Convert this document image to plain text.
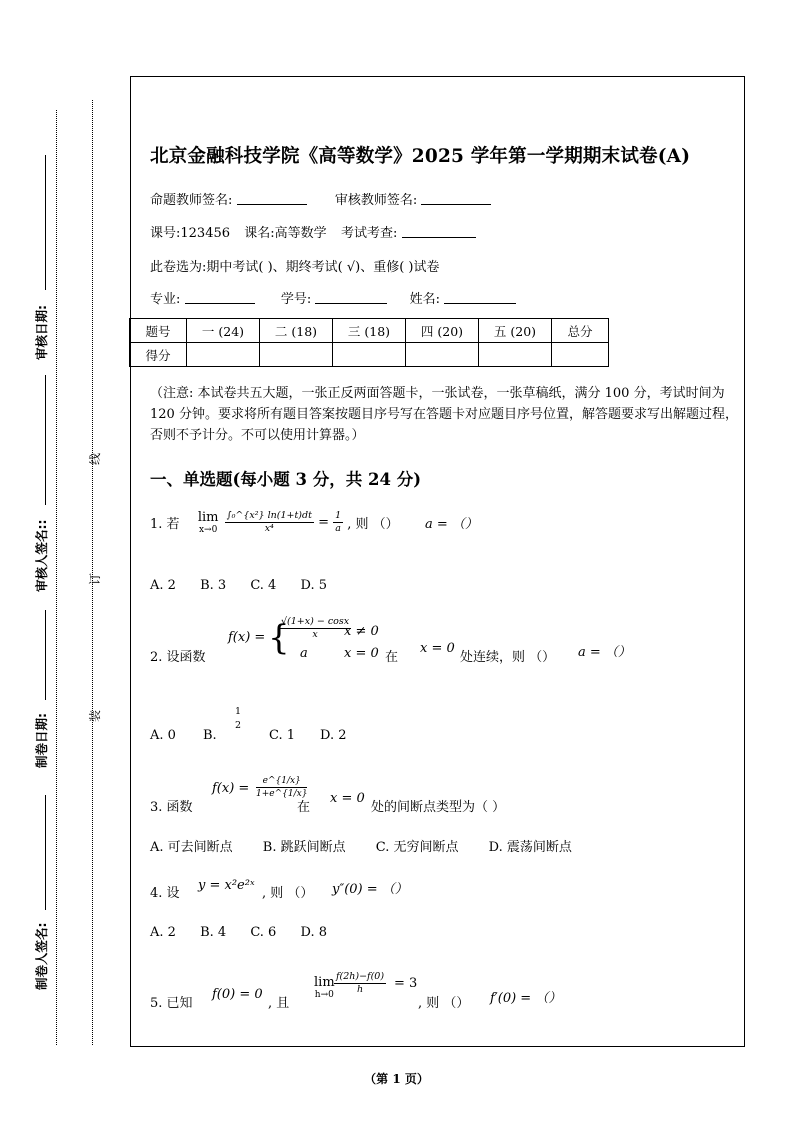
审核日期:
审核人签名::
制卷日期:
制卷人签名:
线
订
装
北京金融科技学院《高等数学》2025 学年第一学期期末试卷(A)
命题教师签名:	审核教师签名:
课号:123456 课名:高等数学 考试考查:
此卷选为:期中考试( )、期终考试( √)、重修( )试卷
专业:	学号:	姓名:
题号	一 (24)	二 (18)	三 (18)	四 (20)	五 (20)	总分
得分						
（注意: 本试卷共五大题，一张正反两面答题卡，一张试卷，一张草稿纸，满分 100 分，考试时间为 120 分钟。要求将所有题目答案按题目序号写在答题卡对应题目序号位置，解答题要求写出解题过程，否则不予计分。不可以使用计算器。）
一、单选题(每小题 3 分，共 24 分)
1. 若 lim
x→0
$\frac{\text{∫₀\textasciicircum{}\{x²\} ln(1+t)dt}}{\text{x⁴}} = \frac{1}{a}$ , 则 （） a = （）
A. 2 B. 3 C. 4 D. 5
2. 设函数
f(x) = {
$\frac{√(1+x) - \cos x}{x}$
x ≠ 0
a	x = 0 在
x = 0
处连续，则 （） a = （）
A. 0 B.
1
2
C. 1 D. 2
3. 函数
$f(x) = \frac{e\^{}\{1/x\}}{1+e\^{}\{1/x\}}$
在
x = 0
处的间断点类型为（ ）
A. 可去间断点 B. 跳跃间断点 C. 无穷间断点 D. 震荡间断点
4. 设
y = x²e²ˣ
, 则 （） y″(0) = （）
A. 2 B. 4 C. 6 D. 8
5. 已知
f(0) = 0
, 且
lim
$h\to 0 \frac{f(2h)-f(0)}{h} = 3$
, 则 （） f′(0) = （）
（第 1 页）
